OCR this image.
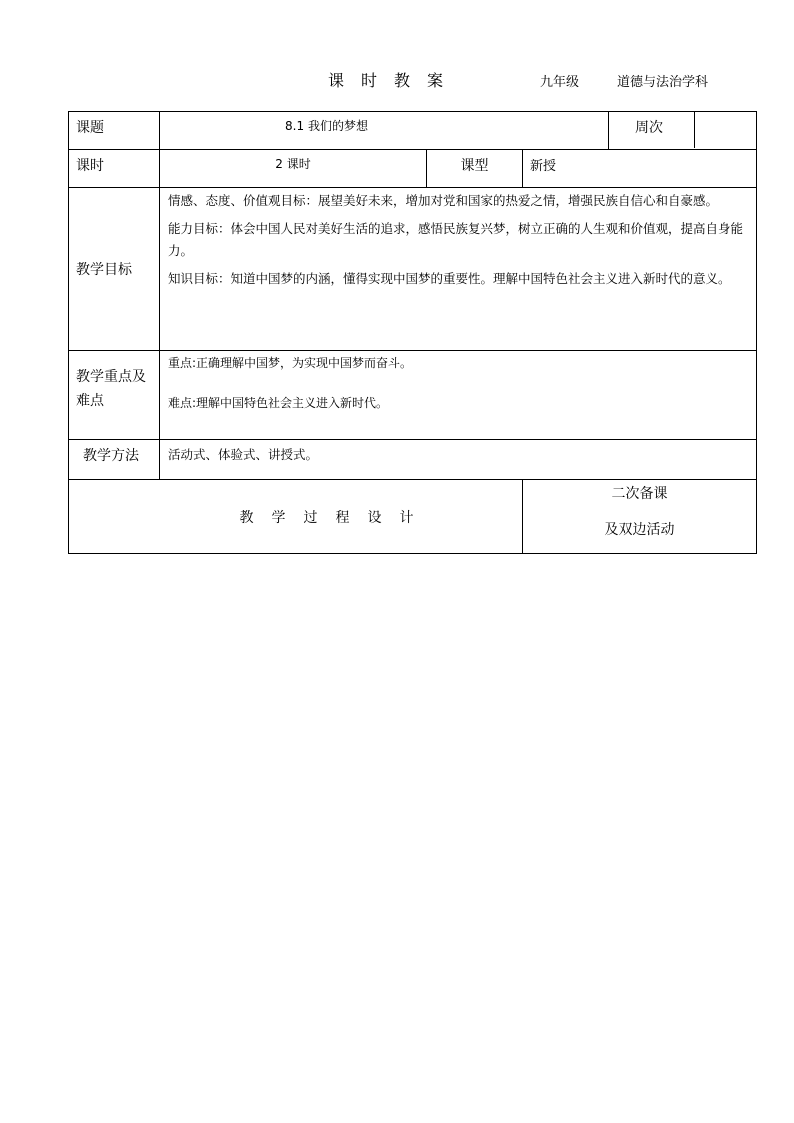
课时教案	九年级	道德与法治学科
课题	8.1 我们的梦想			周次

课时	2 课时	课型	新授	
教学目标	情感、态度、价值观目标：展望美好未来，增加对党和国家的热爱之情，增强民族自信心和自豪感。

能力目标：体会中国人民对美好生活的追求，感悟民族复兴梦，树立正确的人生观和价值观，提高自身能力。

知识目标：知道中国梦的内涵，懂得实现中国梦的重要性。理解中国特色社会主义进入新时代的意义。			

教学重点及难点	重点:正确理解中国梦，为实现中国梦而奋斗。

难点:理解中国特色社会主义进入新时代。			

教学方法	活动式、体验式、讲授式。			
教学过程设计			二次备课
及双边活动	
